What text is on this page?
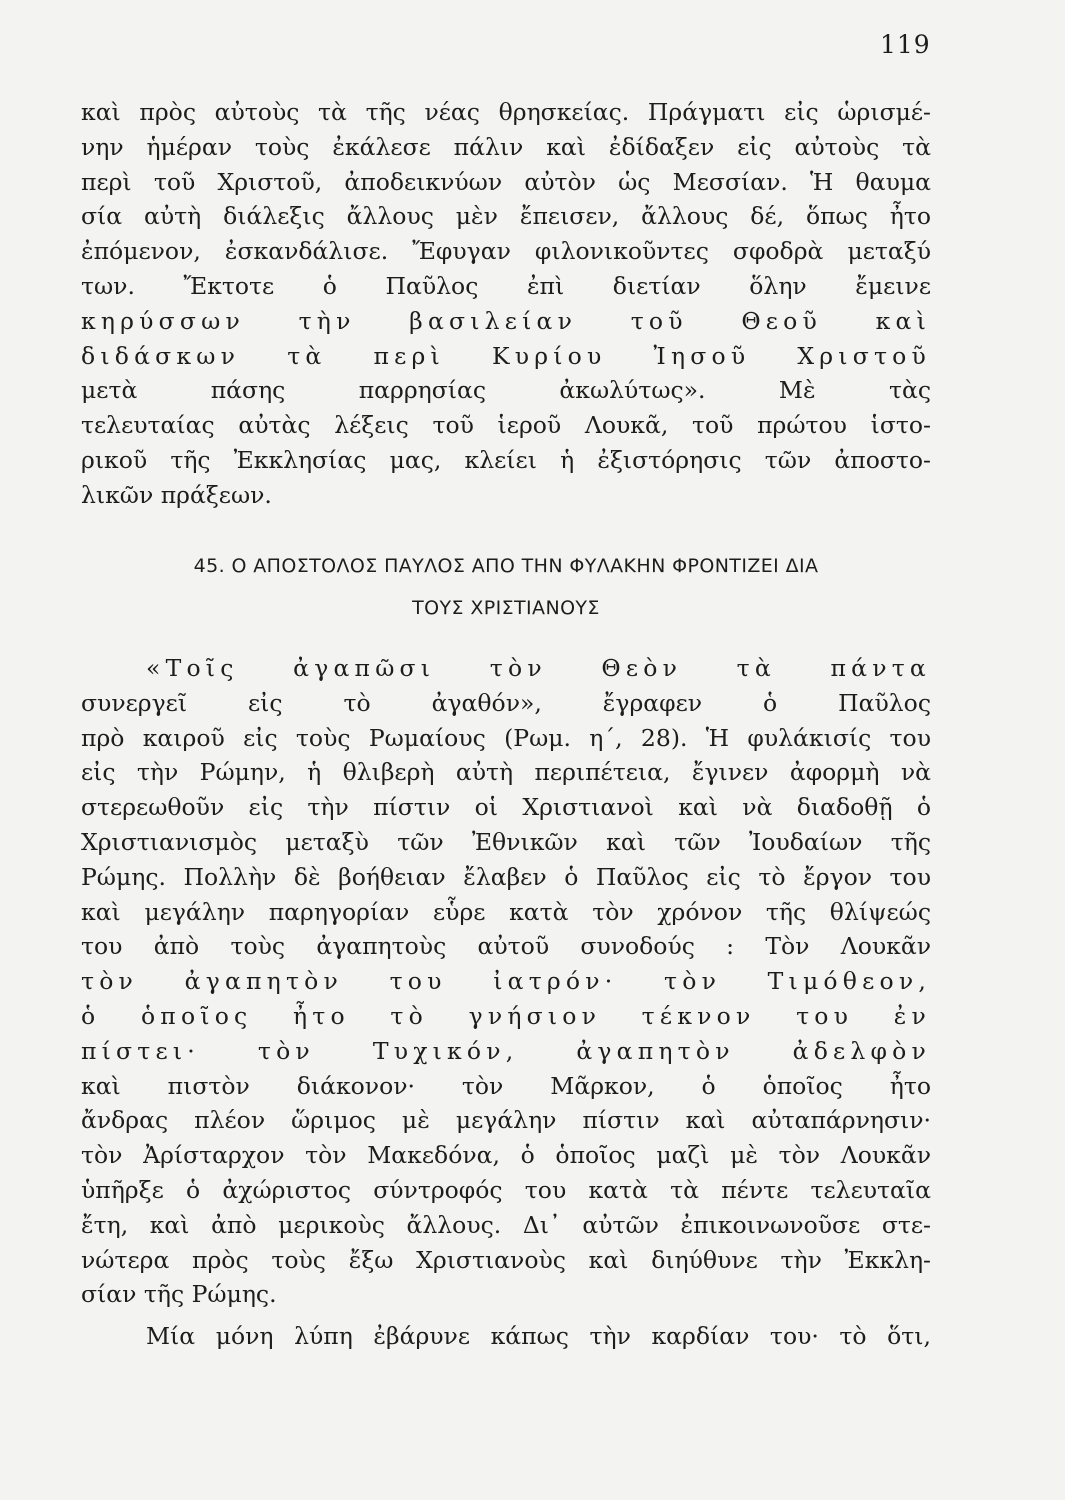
119
καὶ πρὸς αὐτοὺς τὰ τῆς νέας θρησκείας. Πράγματι εἰς ὡρισμέ-
νην ἡμέραν τοὺς ἐκάλεσε πάλιν καὶ ἐδίδαξεν εἰς αὐτοὺς τὰ
περὶ τοῦ Χριστοῦ, ἀποδεικνύων αὐτὸν ὡς Μεσσίαν. Ἡ θαυμα
σία αὐτὴ διάλεξις ἄλλους μὲν ἔπεισεν, ἄλλους δέ, ὅπως ἦτο
ἐπόμενον, ἐσκανδάλισε. Ἔφυγαν φιλονικοῦντες σφοδρὰ μεταξύ
των. Ἔκτοτε ὁ Παῦλος ἐπὶ διετίαν ὅλην ἔμεινε
κηρύσσων τὴν βασιλείαν τοῦ Θεοῦ καὶ
διδάσκων τὰ περὶ Κυρίου Ἰησοῦ Χριστοῦ
μετὰ πάσης παρρησίας ἀκωλύτως». Μὲ τὰς
τελευταίας αὐτὰς λέξεις τοῦ ἱεροῦ Λουκᾶ, τοῦ πρώτου ἱστο-
ρικοῦ τῆς Ἐκκλησίας μας, κλείει ἡ ἐξιστόρησις τῶν ἀποστο-
λικῶν πράξεων.
45. Ο ΑΠΟΣΤΟΛΟΣ ΠΑΥΛΟΣ ΑΠΟ ΤΗΝ ΦΥΛΑΚΗΝ ΦΡΟΝΤΙΖΕΙ ΔΙΑ
ΤΟΥΣ ΧΡΙΣΤΙΑΝΟΥΣ
«Τοῖς ἀγαπῶσι τὸν Θεὸν τὰ πάντα
συνεργεῖ εἰς τὸ ἀγαθόν», ἔγραφεν ὁ Παῦλος
πρὸ καιροῦ εἰς τοὺς Ρωμαίους (Ρωμ. η΄, 28). Ἡ φυλάκισίς του
εἰς τὴν Ρώμην, ἡ θλιβερὴ αὐτὴ περιπέτεια, ἔγινεν ἀφορμὴ νὰ
στερεωθοῦν εἰς τὴν πίστιν οἱ Χριστιανοὶ καὶ νὰ διαδοθῇ ὁ
Χριστιανισμὸς μεταξὺ τῶν Ἐθνικῶν καὶ τῶν Ἰουδαίων τῆς
Ρώμης. Πολλὴν δὲ βοήθειαν ἔλαβεν ὁ Παῦλος εἰς τὸ ἔργον του
καὶ μεγάλην παρηγορίαν εὗρε κατὰ τὸν χρόνον τῆς θλίψεώς
του ἀπὸ τοὺς ἀγαπητοὺς αὐτοῦ συνοδούς : Τὸν Λουκᾶν
τὸν ἀγαπητὸν του ἰατρόν· τὸν Τιμόθεον,
ὁ ὁποῖος ἦτο τὸ γνήσιον τέκνον του ἐν
πίστει· τὸν Τυχικόν, ἀγαπητὸν ἀδελφὸν
καὶ πιστὸν διάκονον· τὸν Μᾶρκον, ὁ ὁποῖος ἦτο
ἄνδρας πλέον ὥριμος μὲ μεγάλην πίστιν καὶ αὐταπάρνησιν·
τὸν Ἀρίσταρχον τὸν Μακεδόνα, ὁ ὁποῖος μαζὶ μὲ τὸν Λουκᾶν
ὑπῆρξε ὁ ἀχώριστος σύντροφός του κατὰ τὰ πέντε τελευταῖα
ἔτη, καὶ ἀπὸ μερικοὺς ἄλλους. Δι᾽ αὐτῶν ἐπικοινωνοῦσε στε-
νώτερα πρὸς τοὺς ἔξω Χριστιανοὺς καὶ διηύθυνε τὴν Ἐκκλη-
σίαν τῆς Ρώμης.
Μία μόνη λύπη ἐβάρυνε κάπως τὴν καρδίαν του· τὸ ὅτι,
